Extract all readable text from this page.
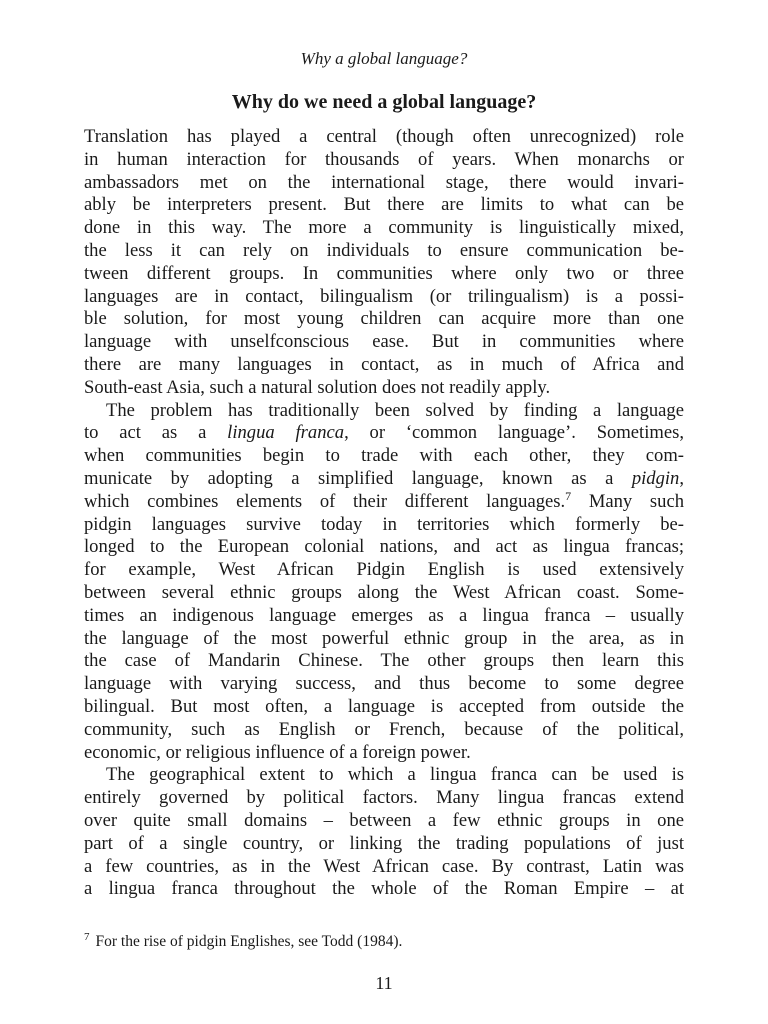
Why a global language?
Why do we need a global language?

Translation has played a central (though often unrecognized) role
in human interaction for thousands of years. When monarchs or
ambassadors met on the international stage, there would invari-
ably be interpreters present. But there are limits to what can be
done in this way. The more a community is linguistically mixed,
the less it can rely on individuals to ensure communication be-
tween different groups. In communities where only two or three
languages are in contact, bilingualism (or trilingualism) is a possi-
ble solution, for most young children can acquire more than one
language with unselfconscious ease. But in communities where
there are many languages in contact, as in much of Africa and
South-east Asia, such a natural solution does not readily apply.

The problem has traditionally been solved by finding a language
to act as a lingua franca, or ‘common language’. Sometimes,
when communities begin to trade with each other, they com-
municate by adopting a simplified language, known as a pidgin,
which combines elements of their different languages.$^7$ Many such
pidgin languages survive today in territories which formerly be-
longed to the European colonial nations, and act as lingua francas;
for example, West African Pidgin English is used extensively
between several ethnic groups along the West African coast. Some-
times an indigenous language emerges as a lingua franca – usually
the language of the most powerful ethnic group in the area, as in
the case of Mandarin Chinese. The other groups then learn this
language with varying success, and thus become to some degree
bilingual. But most often, a language is accepted from outside the
community, such as English or French, because of the political,
economic, or religious influence of a foreign power.

The geographical extent to which a lingua franca can be used is
entirely governed by political factors. Many lingua francas extend
over quite small domains – between a few ethnic groups in one
part of a single country, or linking the trading populations of just
a few countries, as in the West African case. By contrast, Latin was
a lingua franca throughout the whole of the Roman Empire – at

$^7$ For the rise of pidgin Englishes, see Todd (1984).
11
